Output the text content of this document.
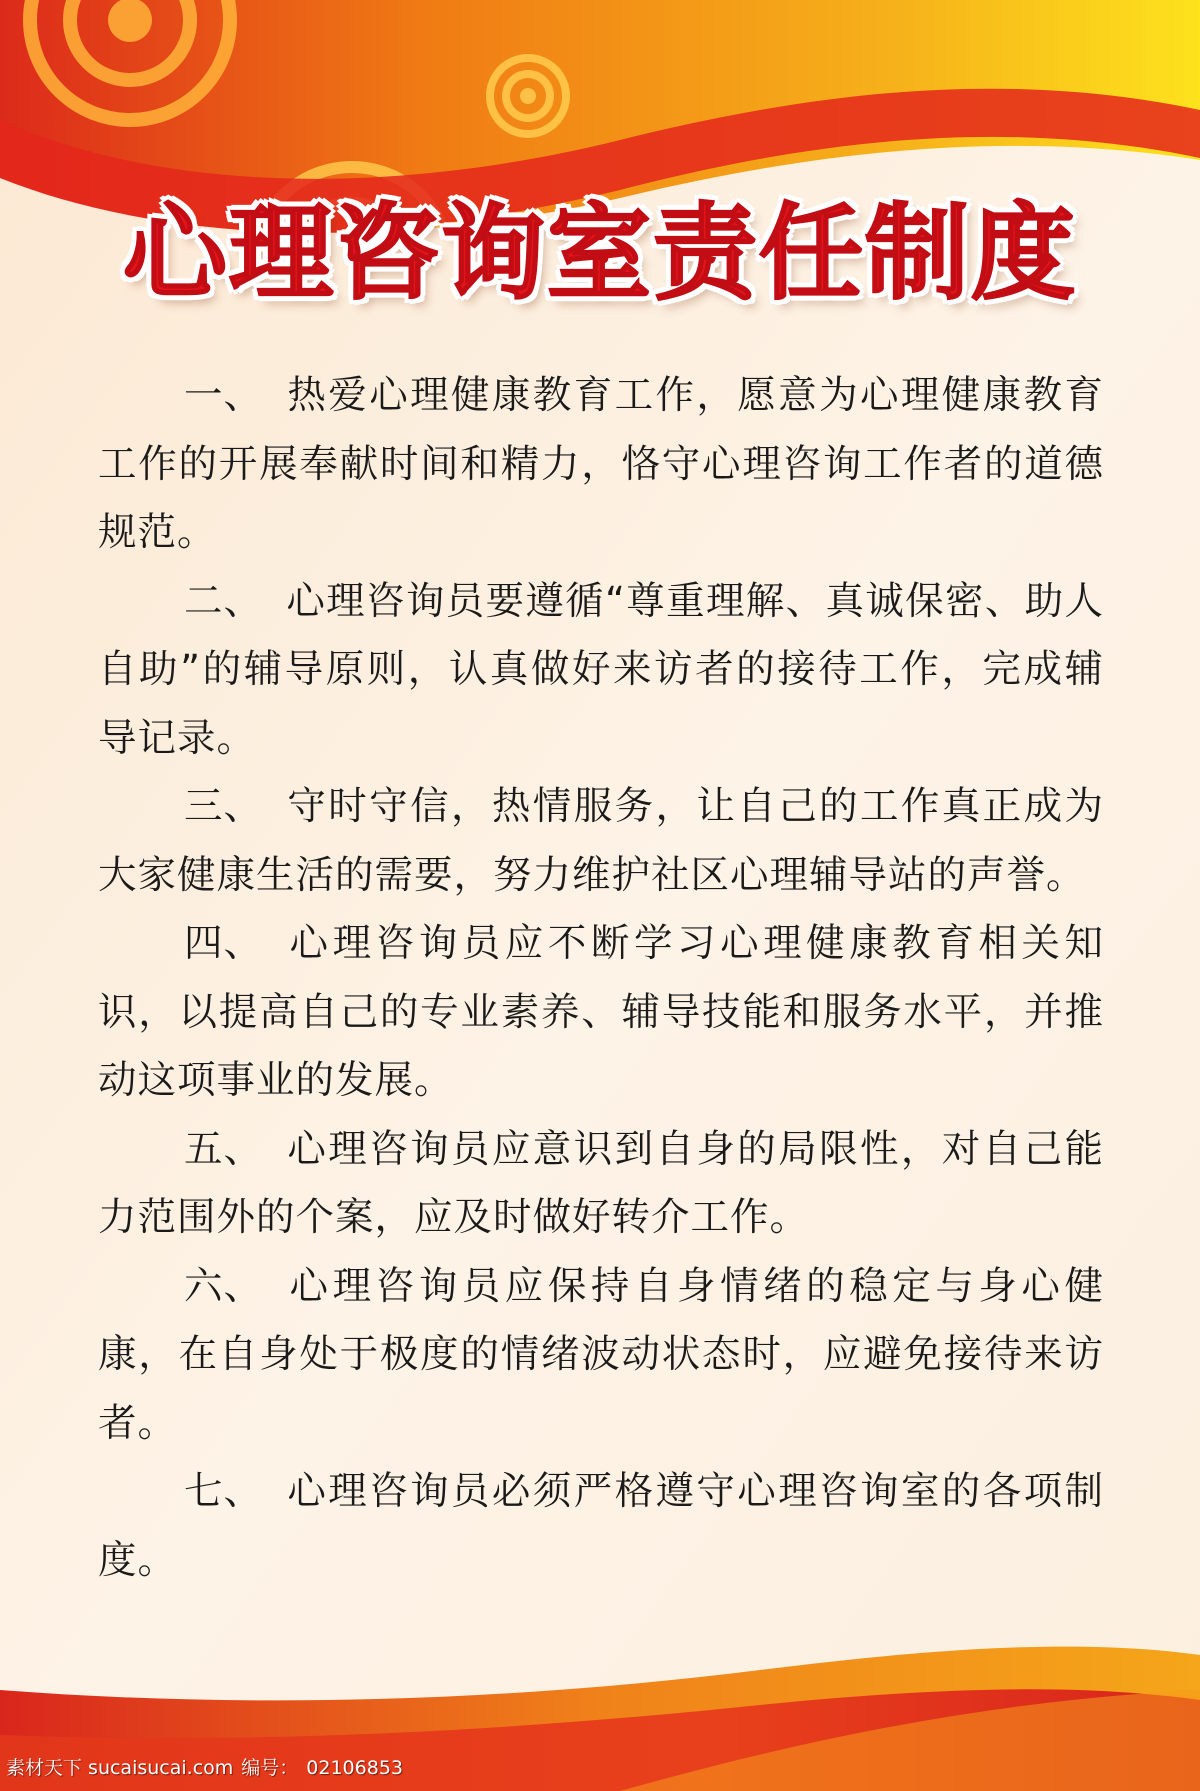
心理咨询室责任制度

一、 热爱心理健康教育工作，愿意为心理健康教育工作的开展奉献时间和精力，恪守心理咨询工作者的道德规范。

二、 心理咨询员要遵循“尊重理解、真诚保密、助人自助”的辅导原则，认真做好来访者的接待工作，完成辅导记录。

三、 守时守信，热情服务，让自己的工作真正成为大家健康生活的需要，努力维护社区心理辅导站的声誉。

四、 心理咨询员应不断学习心理健康教育相关知识，以提高自己的专业素养、辅导技能和服务水平，并推动这项事业的发展。

五、 心理咨询员应意识到自身的局限性，对自己能力范围外的个案，应及时做好转介工作。

六、 心理咨询员应保持自身情绪的稳定与身心健康，在自身处于极度的情绪波动状态时，应避免接待来访者。

七、 心理咨询员必须严格遵守心理咨询室的各项制度。

素材天下 sucaisucai.com 编号： 02106853
